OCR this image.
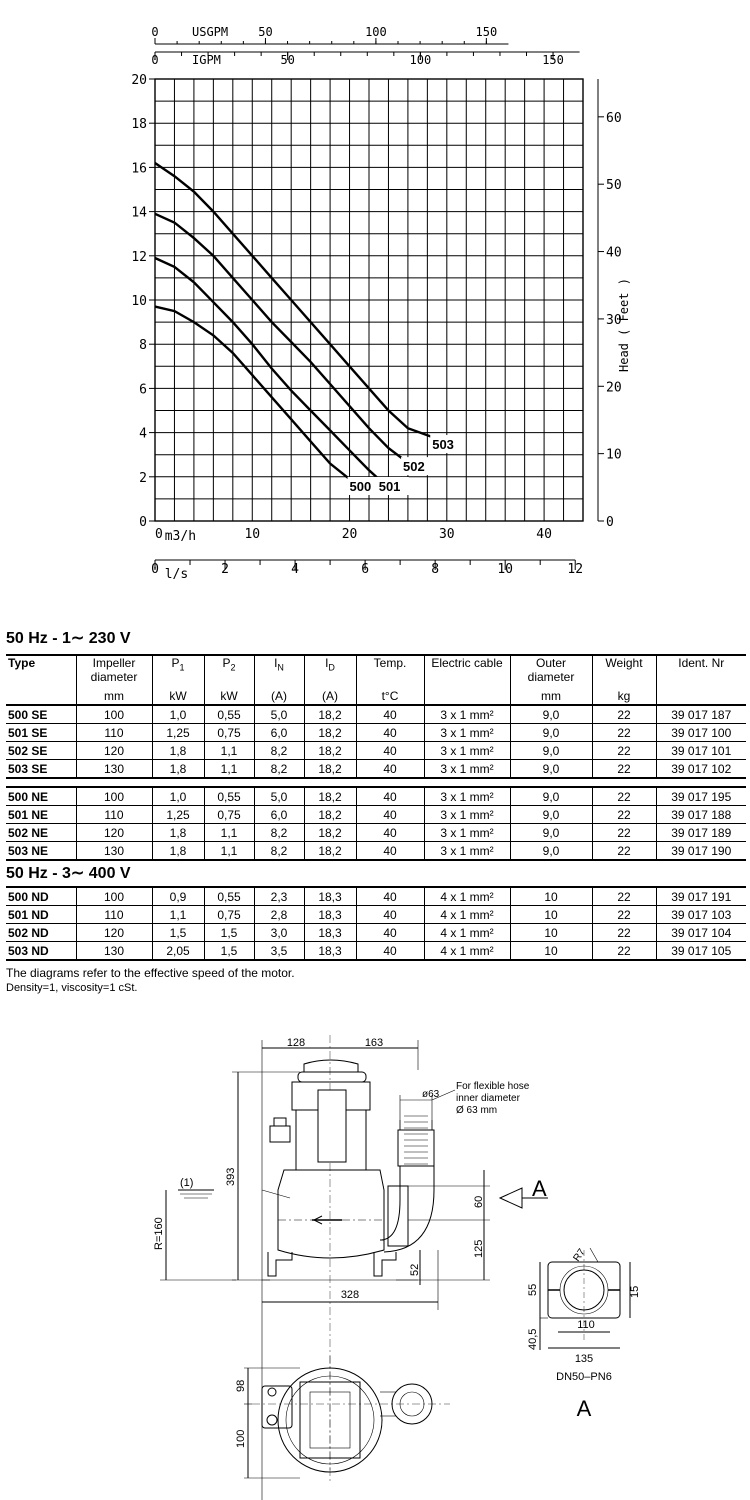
0
2
4
6
8
10
12
14
16
18
20
0
10
20
30
40
50
60
Head ( Feet )
0	10	20	30	40
m3/h
0	2	4	6	8	10	12
l/s
0	50	100	150
USGPM
0	50	100	150
IGPM
500 501
502
503
50 Hz - 1∼ 230 V
Type	Impeller diameter	$P_1$	$P_2$	$I_N$	$I_D$	Temp.	Electric cable	Outer diameter	Weight	Ident. Nr
	mm	kW	kW	(A)	(A)	t°C		mm	kg	
500 SE	100	1,0	0,55	5,0	18,2	40	3 x 1 mm²	9,0	22	39 017 187
501 SE	110	1,25	0,75	6,0	18,2	40	3 x 1 mm²	9,0	22	39 017 100
502 SE	120	1,8	1,1	8,2	18,2	40	3 x 1 mm²	9,0	22	39 017 101
503 SE	130	1,8	1,1	8,2	18,2	40	3 x 1 mm²	9,0	22	39 017 102
500 NE	100	1,0	0,55	5,0	18,2	40	3 x 1 mm²	9,0	22	39 017 195
501 NE	110	1,25	0,75	6,0	18,2	40	3 x 1 mm²	9,0	22	39 017 188
502 NE	120	1,8	1,1	8,2	18,2	40	3 x 1 mm²	9,0	22	39 017 189
503 NE	130	1,8	1,1	8,2	18,2	40	3 x 1 mm²	9,0	22	39 017 190
50 Hz - 3∼ 400 V
500 ND	100	0,9	0,55	2,3	18,3	40	4 x 1 mm²	10	22	39 017 191
501 ND	110	1,1	0,75	2,8	18,3	40	4 x 1 mm²	10	22	39 017 103
502 ND	120	1,5	1,5	3,0	18,3	40	4 x 1 mm²	10	22	39 017 104
503 ND	130	2,05	1,5	3,5	18,3	40	4 x 1 mm²	10	22	39 017 105
The diagrams refer to the effective speed of the motor.
Density=1, viscosity=1 cSt.
128	163
ø63
For flexible hose
inner diameter
Ø 63 mm
393
(1)
R=160
60
125
52
328
A
55
R7
15
40,5
110
135
DN50–PN6
A
98
100
